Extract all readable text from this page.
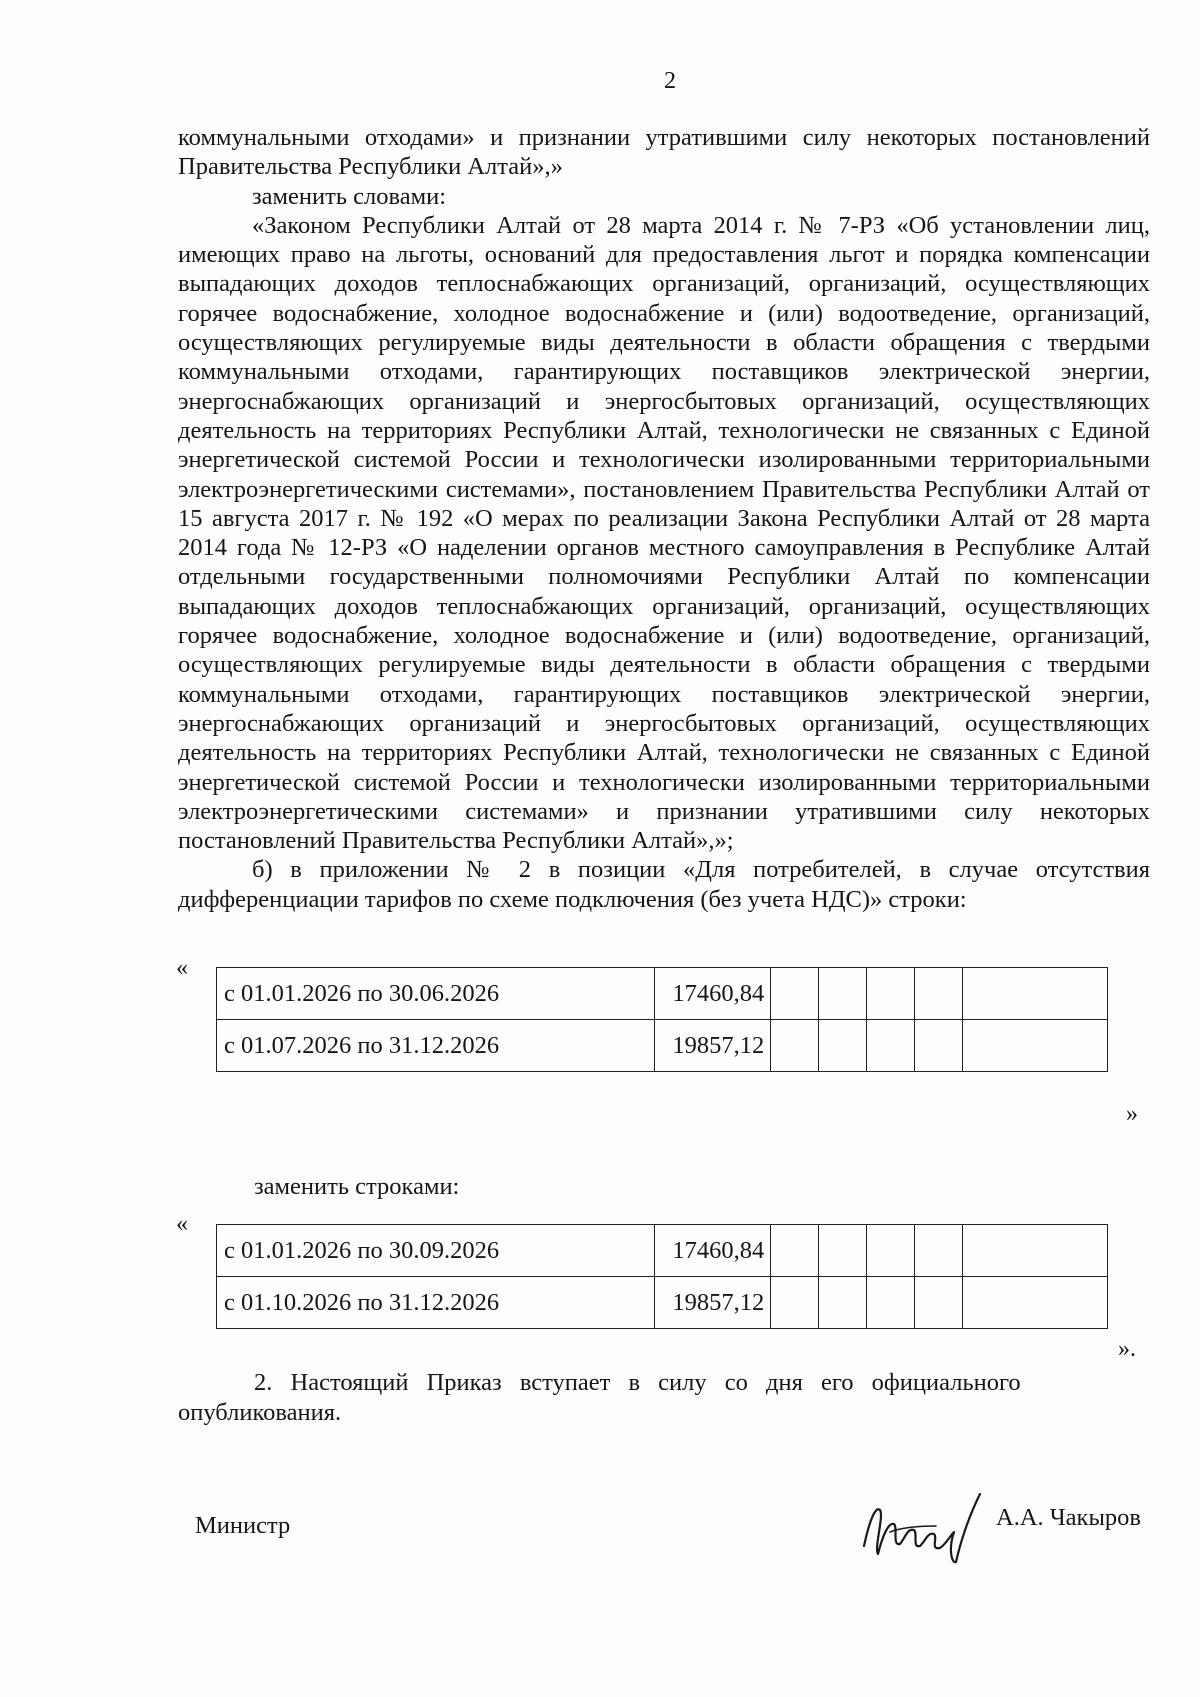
2

коммунальными отходами» и признании утратившими силу некоторых постановлений Правительства Республики Алтай»,»

заменить словами:

«Законом Республики Алтай от 28 марта 2014 г. № 7-РЗ «Об установлении лиц, имеющих право на льготы, оснований для предоставления льгот и порядка компенсации выпадающих доходов теплоснабжающих организаций, организаций, осуществляющих горячее водоснабжение, холодное водоснабжение и (или) водоотведение, организаций, осуществляющих регулируемые виды деятельности в области обращения с твердыми коммунальными отходами, гарантирующих поставщиков электрической энергии, энергоснабжающих организаций и энергосбытовых организаций, осуществляющих деятельность на территориях Республики Алтай, технологически не связанных с Единой энергетической системой России и технологически изолированными территориальными электроэнергетическими системами», постановлением Правительства Республики Алтай от 15 августа 2017 г. № 192 «О мерах по реализации Закона Республики Алтай от 28 марта 2014 года № 12-РЗ «О наделении органов местного самоуправления в Республике Алтай отдельными государственными полномочиями Республики Алтай по компенсации выпадающих доходов теплоснабжающих организаций, организаций, осуществляющих горячее водоснабжение, холодное водоснабжение и (или) водоотведение, организаций, осуществляющих регулируемые виды деятельности в области обращения с твердыми коммунальными отходами, гарантирующих поставщиков электрической энергии, энергоснабжающих организаций и энергосбытовых организаций, осуществляющих деятельность на территориях Республики Алтай, технологически не связанных с Единой энергетической системой России и технологически изолированными территориальными электроэнергетическими системами» и признании утратившими силу некоторых постановлений Правительства Республики Алтай»,»;

б) в приложении № 2 в позиции «Для потребителей, в случае отсутствия дифференциации тарифов по схеме подключения (без учета НДС)» строки:

«
с 01.01.2026 по 30.06.2026	17460,84					
с 01.07.2026 по 31.12.2026	19857,12					
»
заменить строками:
«
с 01.01.2026 по 30.09.2026	17460,84					
с 01.10.2026 по 31.12.2026	19857,12					
».

2. Настоящий Приказ вступает в силу со дня его официального

опубликования.

Министр	А.А. Чакыров
